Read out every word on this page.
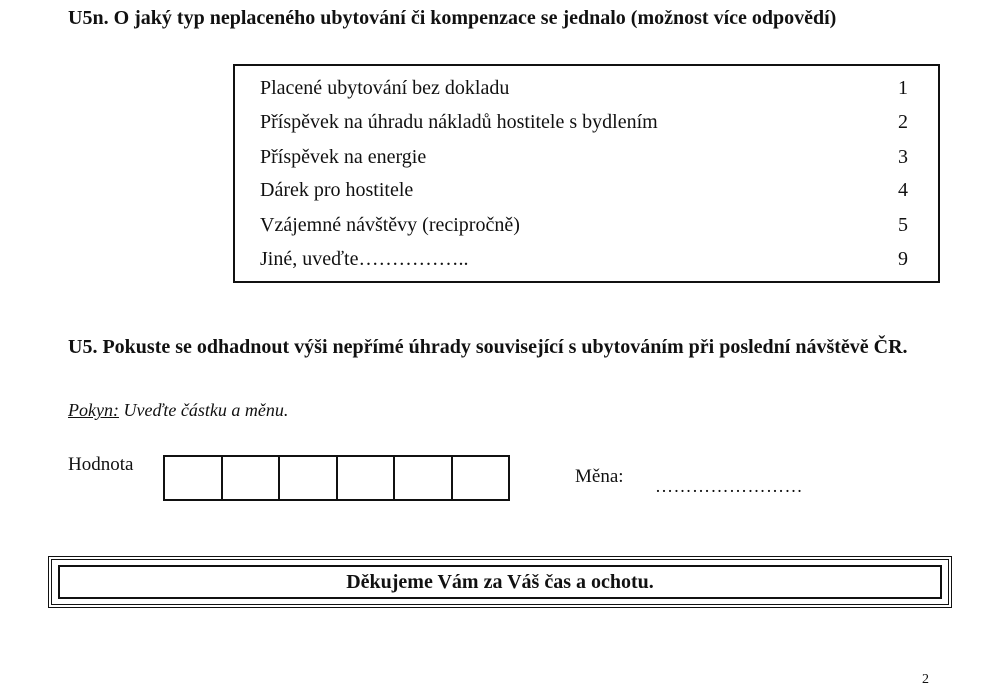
U5n. O jaký typ neplaceného ubytování či kompenzace se jednalo (možnost více odpovědí)
Placené ubytování bez dokladu	1
Příspěvek na úhradu nákladů hostitele s bydlením	2
Příspěvek na energie	3
Dárek pro hostitele	4
Vzájemné návštěvy (recipročně)	5
Jiné, uveďte……………..	9
U5. Pokuste se odhadnout výši nepřímé úhrady související s ubytováním při poslední návštěvě ČR.
Pokyn: Uveďte částku a měnu.
Hodnota
Měna: ……………………
Děkujeme Vám za Váš čas a ochotu.
2
